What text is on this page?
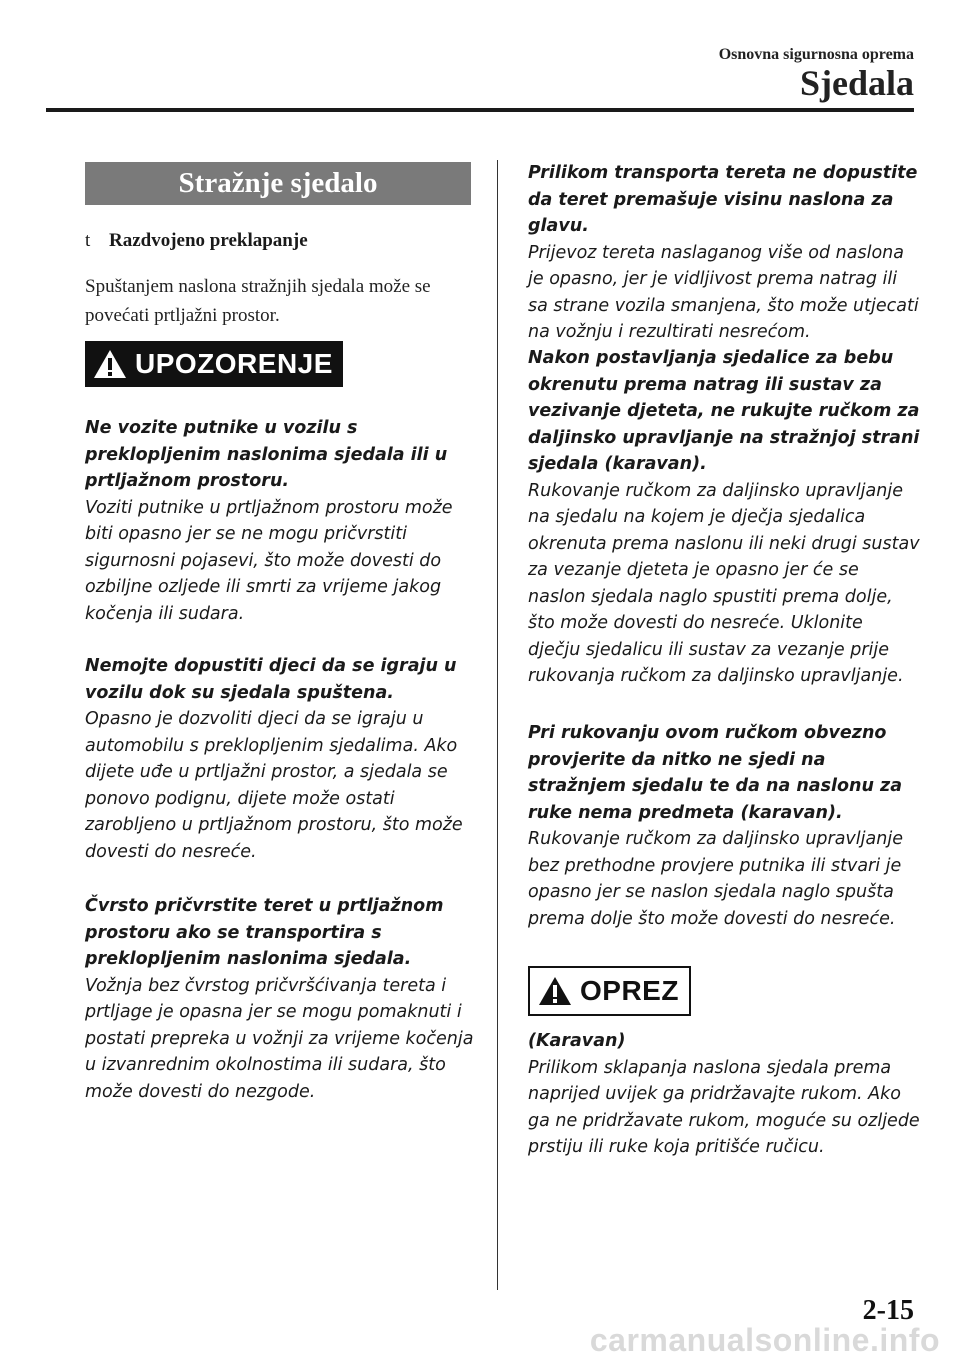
Osnovna sigurnosna oprema
Sjedala
Stražnje sjedalo
t Razdvojeno preklapanje
Spuštanjem naslona stražnjih sjedala može se povećati prtljažni prostor.
UPOZORENJE
Ne vozite putnike u vozilu s preklopljenim naslonima sjedala ili u prtljažnom prostoru.
Voziti putnike u prtljažnom prostoru može biti opasno jer se ne mogu pričvrstiti sigurnosni pojasevi, što može dovesti do ozbiljne ozljede ili smrti za vrijeme jakog kočenja ili sudara.
Nemojte dopustiti djeci da se igraju u vozilu dok su sjedala spuštena.
Opasno je dozvoliti djeci da se igraju u automobilu s preklopljenim sjedalima. Ako dijete uđe u prtljažni prostor, a sjedala se ponovo podignu, dijete može ostati zarobljeno u prtljažnom prostoru, što može dovesti do nesreće.
Čvrsto pričvrstite teret u prtljažnom prostoru ako se transportira s preklopljenim naslonima sjedala.
Vožnja bez čvrstog pričvršćivanja tereta i prtljage je opasna jer se mogu pomaknuti i postati prepreka u vožnji za vrijeme kočenja u izvanrednim okolnostima ili sudara, što može dovesti do nezgode.
Prilikom transporta tereta ne dopustite da teret premašuje visinu naslona za glavu.
Prijevoz tereta naslaganog više od naslona je opasno, jer je vidljivost prema natrag ili sa strane vozila smanjena, što može utjecati na vožnju i rezultirati nesrećom.
Nakon postavljanja sjedalice za bebu okrenutu prema natrag ili sustav za vezivanje djeteta, ne rukujte ručkom za daljinsko upravljanje na stražnjoj strani sjedala (karavan).
Rukovanje ručkom za daljinsko upravljanje na sjedalu na kojem je dječja sjedalica okrenuta prema naslonu ili neki drugi sustav za vezanje djeteta je opasno jer će se naslon sjedala naglo spustiti prema dolje, što može dovesti do nesreće. Uklonite dječju sjedalicu ili sustav za vezanje prije rukovanja ručkom za daljinsko upravljanje.
Pri rukovanju ovom ručkom obvezno provjerite da nitko ne sjedi na stražnjem sjedalu te da na naslonu za ruke nema predmeta (karavan).
Rukovanje ručkom za daljinsko upravljanje bez prethodne provjere putnika ili stvari je opasno jer se naslon sjedala naglo spušta prema dolje što može dovesti do nesreće.
OPREZ
(Karavan)
Prilikom sklapanja naslona sjedala prema naprijed uvijek ga pridržavajte rukom. Ako ga ne pridržavate rukom, moguće su ozljede prstiju ili ruke koja pritišće ručicu.
2-15
carmanualsonline.info
